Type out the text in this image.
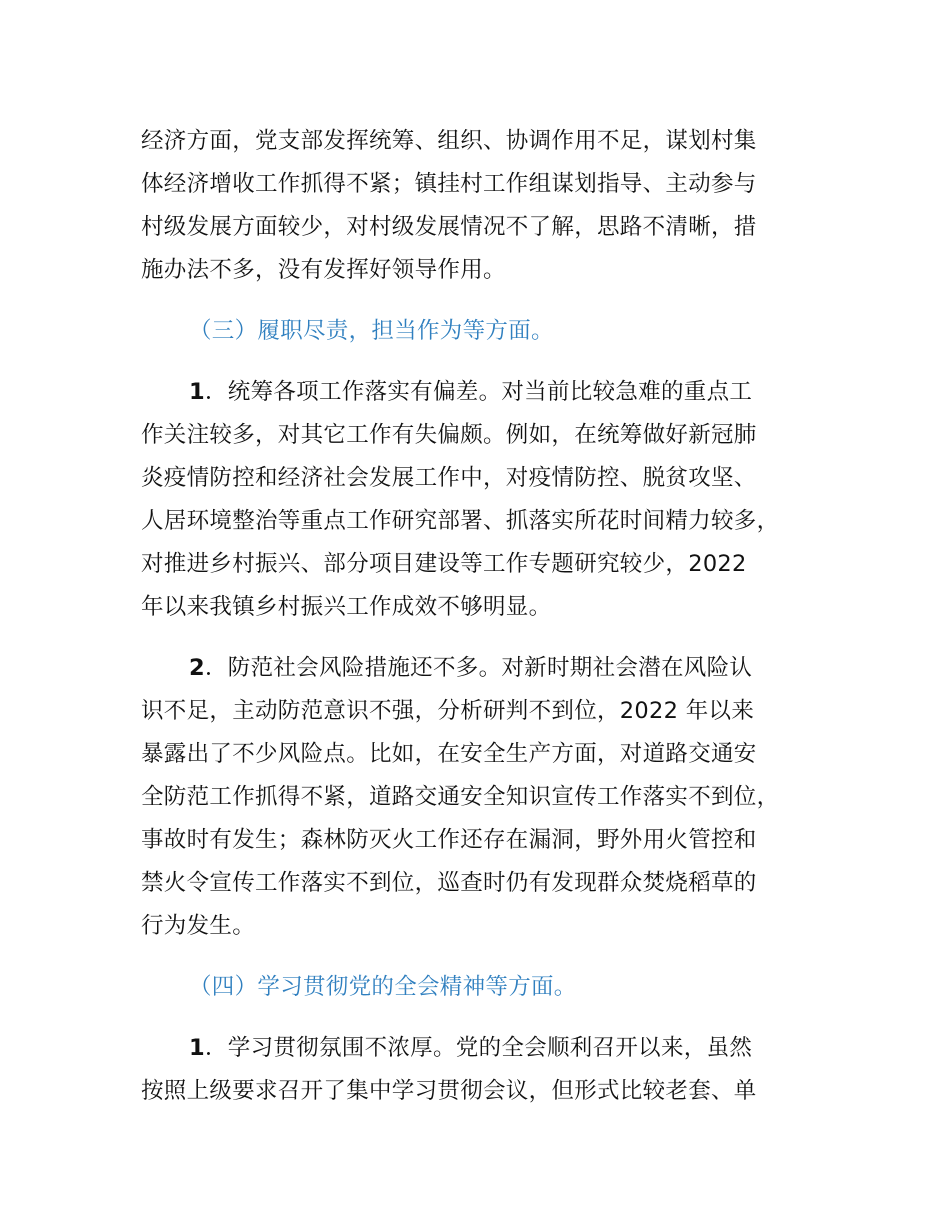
经济方面，党支部发挥统筹、组织、协调作用不足，谋划村集
体经济增收工作抓得不紧；镇挂村工作组谋划指导、主动参与
村级发展方面较少，对村级发展情况不了解，思路不清晰，措
施办法不多，没有发挥好领导作用。

（三）履职尽责，担当作为等方面。

1．统筹各项工作落实有偏差。对当前比较急难的重点工
作关注较多，对其它工作有失偏颇。例如，在统筹做好新冠肺
炎疫情防控和经济社会发展工作中，对疫情防控、脱贫攻坚、
人居环境整治等重点工作研究部署、抓落实所花时间精力较多，
对推进乡村振兴、部分项目建设等工作专题研究较少，2022
年以来我镇乡村振兴工作成效不够明显。

2．防范社会风险措施还不多。对新时期社会潜在风险认
识不足，主动防范意识不强，分析研判不到位，2022 年以来
暴露出了不少风险点。比如，在安全生产方面，对道路交通安
全防范工作抓得不紧，道路交通安全知识宣传工作落实不到位，
事故时有发生；森林防灭火工作还存在漏洞，野外用火管控和
禁火令宣传工作落实不到位，巡查时仍有发现群众焚烧稻草的
行为发生。

（四）学习贯彻党的全会精神等方面。

1．学习贯彻氛围不浓厚。党的全会顺利召开以来，虽然
按照上级要求召开了集中学习贯彻会议，但形式比较老套、单
